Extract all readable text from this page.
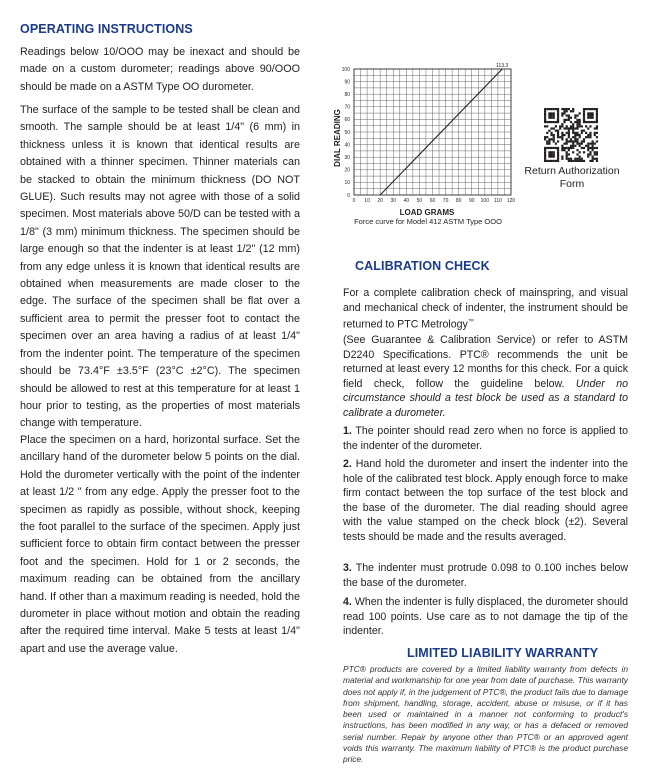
OPERATING INSTRUCTIONS

Readings below 10/OOO may be inexact and should be made on a custom durometer; readings above 90/OOO should be made on a ASTM Type OO durometer.

The surface of the sample to be tested shall be clean and smooth. The sample should be at least 1/4" (6 mm) in thickness unless it is known that identical results are obtained with a thinner specimen. Thinner materials can be stacked to obtain the minimum thickness (DO NOT GLUE). Such results may not agree with those of a solid specimen. Most materials above 50/D can be tested with a 1/8" (3 mm) minimum thickness. The specimen should be large enough so that the indenter is at least 1/2" (12 mm) from any edge unless it is known that identical results are obtained when measurements are made closer to the edge. The surface of the specimen shall be flat over a sufficient area to permit the presser foot to contact the specimen over an area having a radius of at least 1/4" from the indenter point. The temperature of the specimen should be 73.4°F ±3.5°F (23°C ±2°C). The specimen should be allowed to rest at this temperature for at least 1 hour prior to testing, as the properties of most materials change with temperature.

Place the specimen on a hard, horizontal surface. Set the ancillary hand of the durometer below 5 points on the dial. Hold the durometer vertically with the point of the indenter at least 1/2 " from any edge. Apply the presser foot to the specimen as rapidly as possible, without shock, keeping the foot parallel to the surface of the specimen. Apply just sufficient force to obtain firm contact between the presser foot and the specimen. Hold for 1 or 2 seconds, the maximum reading can be obtained from the ancillary hand. If other than a maximum reading is needed, hold the durometer in place without motion and obtain the reading after the required time interval. Make 5 tests at least 1/4" apart and use the average value.

0 10 20 30 40 50 60 70 80 90 100 110 120
0
10
20
30
40
50
60
70
80
90
100
DIAL READING
LOAD GRAMS
113.3
Force curve for Model 412 ASTM Type OOO
Return Authorization
Form
CALIBRATION CHECK

For a complete calibration check of mainspring, and visual and mechanical check of indenter, the instrument should be returned to PTC Metrology™

(See Guarantee & Calibration Service) or refer to ASTM D2240 Specifications. PTC® recommends the unit be returned at least every 12 months for this check. For a quick field check, follow the guideline below. Under no circumstance should a test block be used as a standard to calibrate a durometer.

1. The pointer should read zero when no force is applied to the indenter of the durometer.

2. Hand hold the durometer and insert the indenter into the hole of the calibrated test block. Apply enough force to make firm contact between the top surface of the test block and the base of the durometer. The dial reading should agree with the value stamped on the check block (±2). Several tests should be made and the results averaged.

3. The indenter must protrude 0.098 to 0.100 inches below the base of the durometer.

4. When the indenter is fully displaced, the durometer should read 100 points. Use care as to not damage the tip of the indenter.

LIMITED LIABILITY WARRANTY

PTC® products are covered by a limited liability warranty from defects in material and workmanship for one year from date of purchase. This warranty does not apply if, in the judgement of PTC®, the product fails due to damage from shipment, handling, storage, accident, abuse or misuse, or if it has been used or maintained in a manner not conforming to product's instructions, has been modified in any way, or has a defaced or removed serial number. Repair by anyone other than PTC® or an approved agent voids this warranty. The maximum liability of PTC® is the product purchase price.
